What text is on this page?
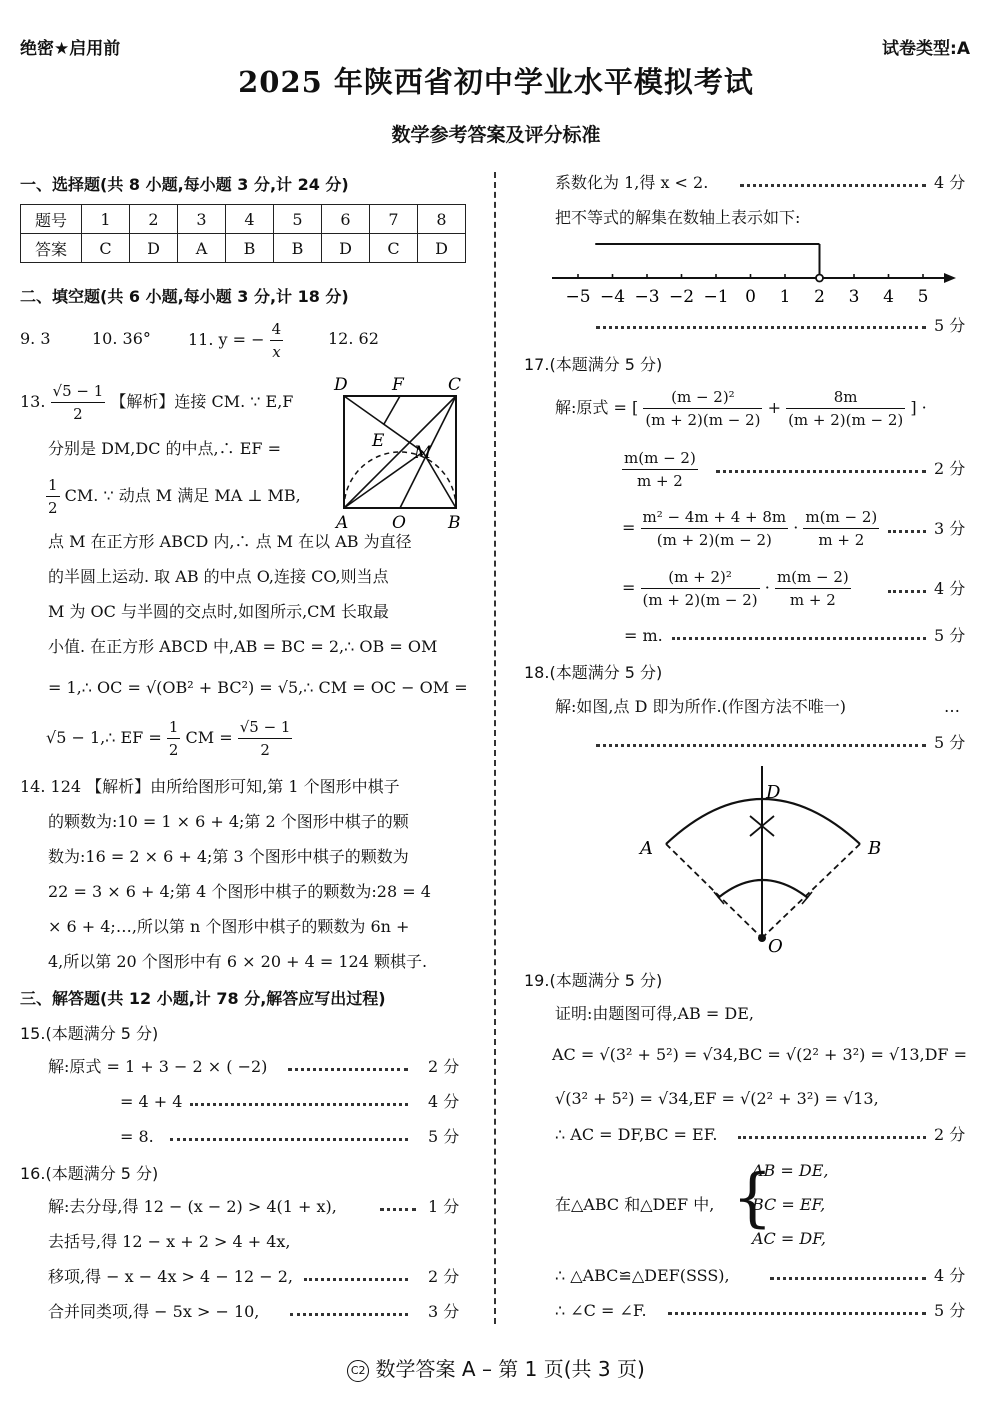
绝密★启用前	试卷类型:A
2025 年陕西省初中学业水平模拟考试
数学参考答案及评分标准
一、选择题(共 8 小题,每小题 3 分,计 24 分)
题号	1	2	3	4	5	6	7	8
答案	C	D	A	B	B	D	C	D
二、填空题(共 6 小题,每小题 3 分,计 18 分)
9. 3	10. 36° 11. y = − $\frac{4}{x}$	12. 62
13. $\frac{√5 - 1}{2}$ 【解析】连接 CM. ∵ E,F
分别是 DM,DC 的中点,∴ EF =
$\frac{1}{2}$ CM. ∵ 动点 M 满足 MA ⊥ MB,
点 M 在正方形 ABCD 内,∴ 点 M 在以 AB 为直径
的半圆上运动. 取 AB 的中点 O,连接 CO,则当点
M 为 OC 与半圆的交点时,如图所示,CM 长取最
小值. 在正方形 ABCD 中,AB = BC = 2,∴ OB = OM
= 1,∴ OC = √(OB² + BC²) = √5,∴ CM = OC − OM =
√5 − 1,∴ EF = $\frac{1}{2}$ CM = $\frac{√5 - 1}{2}$
D	F	C
E
M
A	O B
14. 124 【解析】由所给图形可知,第 1 个图形中棋子
的颗数为:10 = 1 × 6 + 4;第 2 个图形中棋子的颗
数为:16 = 2 × 6 + 4;第 3 个图形中棋子的颗数为
22 = 3 × 6 + 4;第 4 个图形中棋子的颗数为:28 = 4
× 6 + 4;…,所以第 n 个图形中棋子的颗数为 6n +
4,所以第 20 个图形中有 6 × 20 + 4 = 124 颗棋子.
三、解答题(共 12 小题,计 78 分,解答应写出过程)
15.(本题满分 5 分)
解:原式 = 1 + 3 − 2 × ( −2)	2 分
= 4 + 4	4 分
= 8.	5 分
16.(本题满分 5 分)
解:去分母,得 12 − (x − 2) > 4(1 + x),	1 分
去括号,得 12 − x + 2 > 4 + 4x,
移项,得 − x − 4x > 4 − 12 − 2,	2 分
合并同类项,得 − 5x > − 10,	3 分
系数化为 1,得 x < 2.	4 分
把不等式的解集在数轴上表示如下:
−5 −4 −3 −2 −1 0 1 2 3 4 5
5 分
17.(本题满分 5 分)
解:原式 = [ $\frac{\text{(m − 2)²}}{(m + 2)(m - 2)} + \frac{8m}{(m + 2)(m - 2)}$ ] ·
$\frac{m(m - 2)}{m + 2}$	2 分
= $\frac{\text{m² − 4m + 4 + 8m}}{(m + 2)(m - 2)} \cdot \frac{m(m - 2)}{m + 2}$	3 分
= $\frac{\text{(m + 2)²}}{(m + 2)(m - 2)} \cdot \frac{m(m - 2)}{m + 2}$	4 分
= m.	5 分
18.(本题满分 5 分)
解:如图,点 D 即为所作.(作图方法不唯一)	…
5 分
D
A	B
O
19.(本题满分 5 分)
证明:由题图可得,AB = DE,
AC = √(3² + 5²) = √34,BC = √(2² + 3²) = √13,DF =
√(3² + 5²) = √34,EF = √(2² + 3²) = √13,
∴ AC = DF,BC = EF.	2 分
在△ABC 和△DEF 中, {
AB = DE,
BC = EF,
AC = DF,
∴ △ABC≌△DEF(SSS),	4 分
∴ ∠C = ∠F.	5 分
C2 数学答案 A – 第 1 页(共 3 页)
